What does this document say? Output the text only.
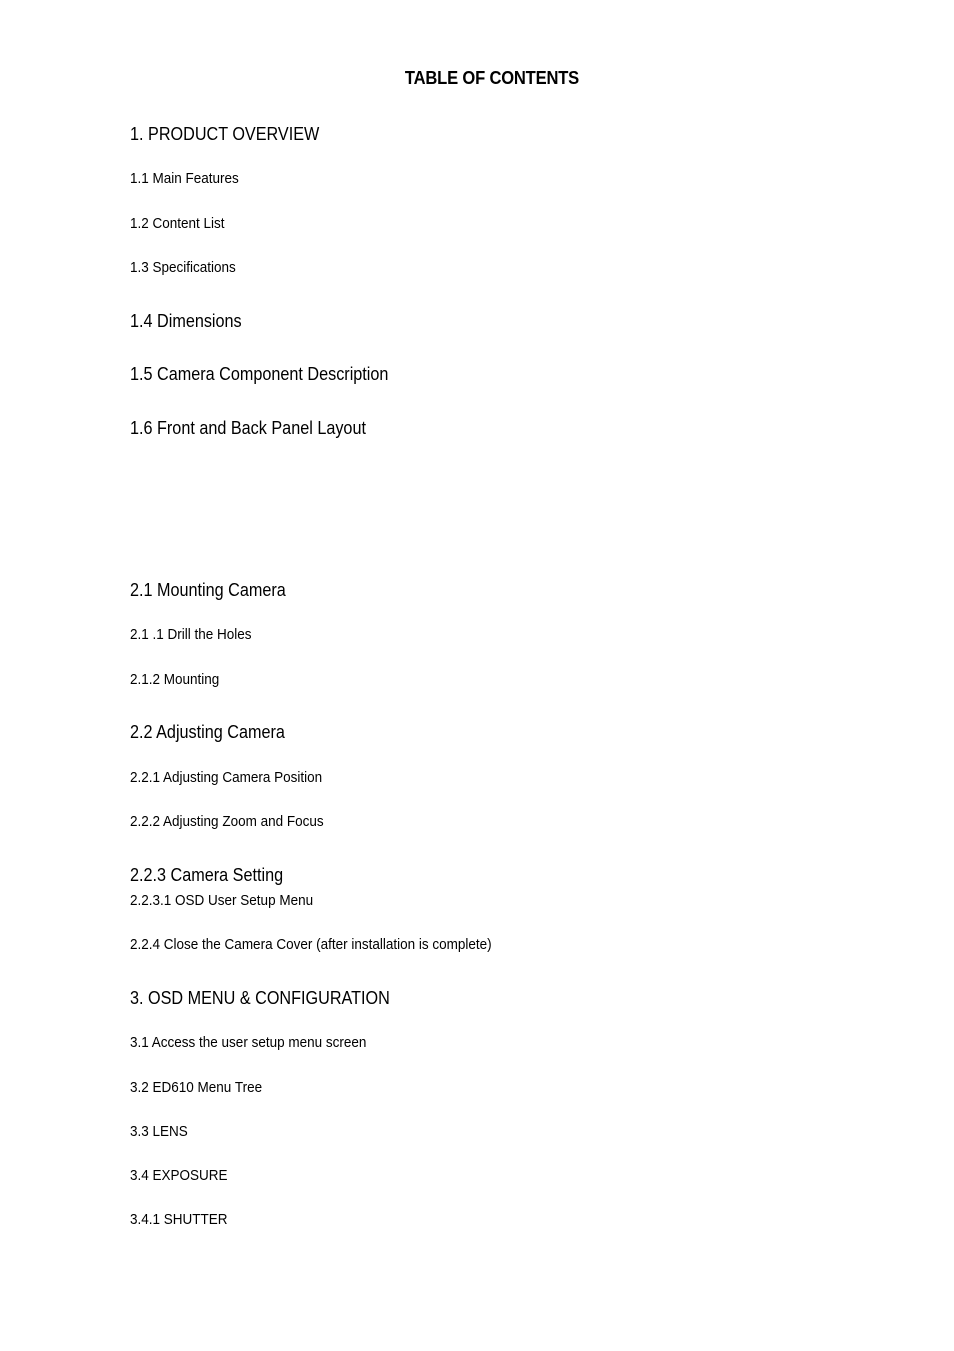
TABLE OF CONTENTS
1. PRODUCT OVERVIEW
1.1 Main Features
1.2 Content List
1.3 Specifications
1.4 Dimensions
1.5 Camera Component Description
1.6 Front and Back Panel Layout
2.1 Mounting Camera
2.1 .1 Drill the Holes
2.1.2 Mounting
2.2 Adjusting Camera
2.2.1 Adjusting Camera Position
2.2.2 Adjusting Zoom and Focus
2.2.3 Camera Setting
2.2.3.1 OSD User Setup Menu
2.2.4 Close the Camera Cover (after installation is complete)
3. OSD MENU & CONFIGURATION
3.1 Access the user setup menu screen
3.2 ED610 Menu Tree
3.3 LENS
3.4 EXPOSURE
3.4.1 SHUTTER
